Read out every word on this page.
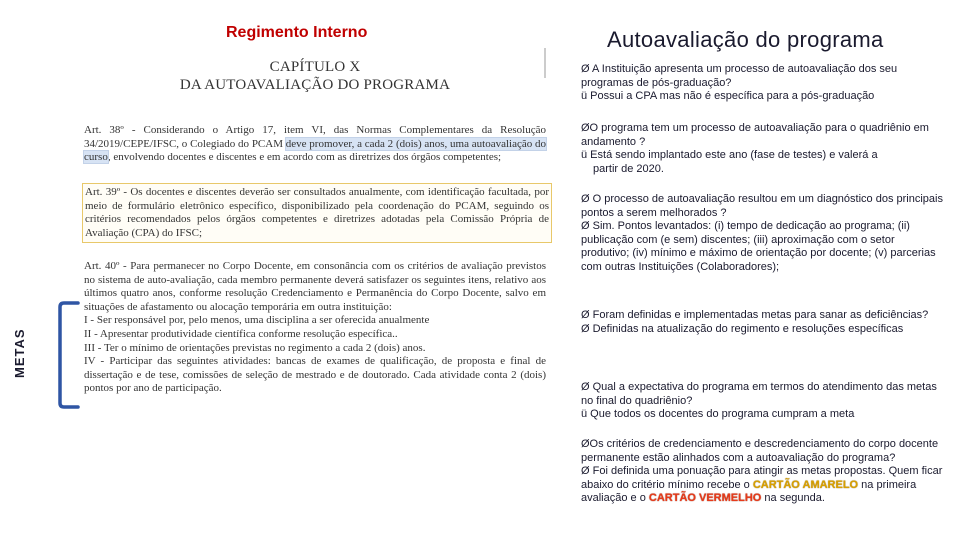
Regimento Interno	Autoavaliação do programa
CAPÍTULO X
DA AUTOAVALIAÇÃO DO PROGRAMA
Art. 38º - Considerando o Artigo 17, item VI, das Normas Complementares da Resolução 34/2019/CEPE/IFSC, o Colegiado do PCAM deve promover, a cada 2 (dois) anos, uma autoavaliação do curso, envolvendo docentes e discentes e em acordo com as diretrizes dos órgãos competentes;
Art. 39º - Os docentes e discentes deverão ser consultados anualmente, com identificação facultada, por meio de formulário eletrônico específico, disponibilizado pela coordenação do PCAM, seguindo os critérios recomendados pelos órgãos competentes e diretrizes adotadas pela Comissão Própria de Avaliação (CPA) do IFSC;
Art. 40º - Para permanecer no Corpo Docente, em consonância com os critérios de avaliação previstos no sistema de auto-avaliação, cada membro permanente deverá satisfazer os seguintes itens, relativo aos últimos quatro anos, conforme resolução Credenciamento e Permanência do Corpo Docente, salvo em situações de afastamento ou alocação temporária em outra instituição:
I - Ser responsável por, pelo menos, uma disciplina a ser oferecida anualmente
II - Apresentar produtividade científica conforme resolução específica..
III - Ter o mínimo de orientações previstas no regimento a cada 2 (dois) anos.
IV - Participar das seguintes atividades: bancas de exames de qualificação, de proposta e final de dissertação e de tese, comissões de seleção de mestrado e de doutorado. Cada atividade conta 2 (dois) pontos por ano de participação.
METAS
Ø A Instituição apresenta um processo de autoavaliação dos seu programas de pós-graduação?
ü Possui a CPA mas não é específica para a pós-graduação
ØO programa tem um processo de autoavaliação para o quadriênio em andamento ?
ü Está sendo implantado este ano (fase de testes) e valerá a
partir de 2020.
Ø O processo de autoavaliação resultou em um diagnóstico dos principais pontos a serem melhorados ?
Ø Sim. Pontos levantados: (i) tempo de dedicação ao programa; (ii) publicação com (e sem) discentes; (iii) aproximação com o setor produtivo; (iv) mínimo e máximo de orientação por docente; (v) parcerias com outras Instituições (Colaboradores);
Ø Foram definidas e implementadas metas para sanar as deficiências?
Ø Definidas na atualização do regimento e resoluções específicas
Ø Qual a expectativa do programa em termos do atendimento das metas no final do quadriênio?
ü Que todos os docentes do programa cumpram a meta
ØOs critérios de credenciamento e descredenciamento do corpo docente permanente estão alinhados com a autoavaliação do programa?
Ø Foi definida uma ponuação para atingir as metas propostas. Quem ficar abaixo do critério mínimo recebe o CARTÃO AMARELO na primeira avaliação e o CARTÃO VERMELHO na segunda.
